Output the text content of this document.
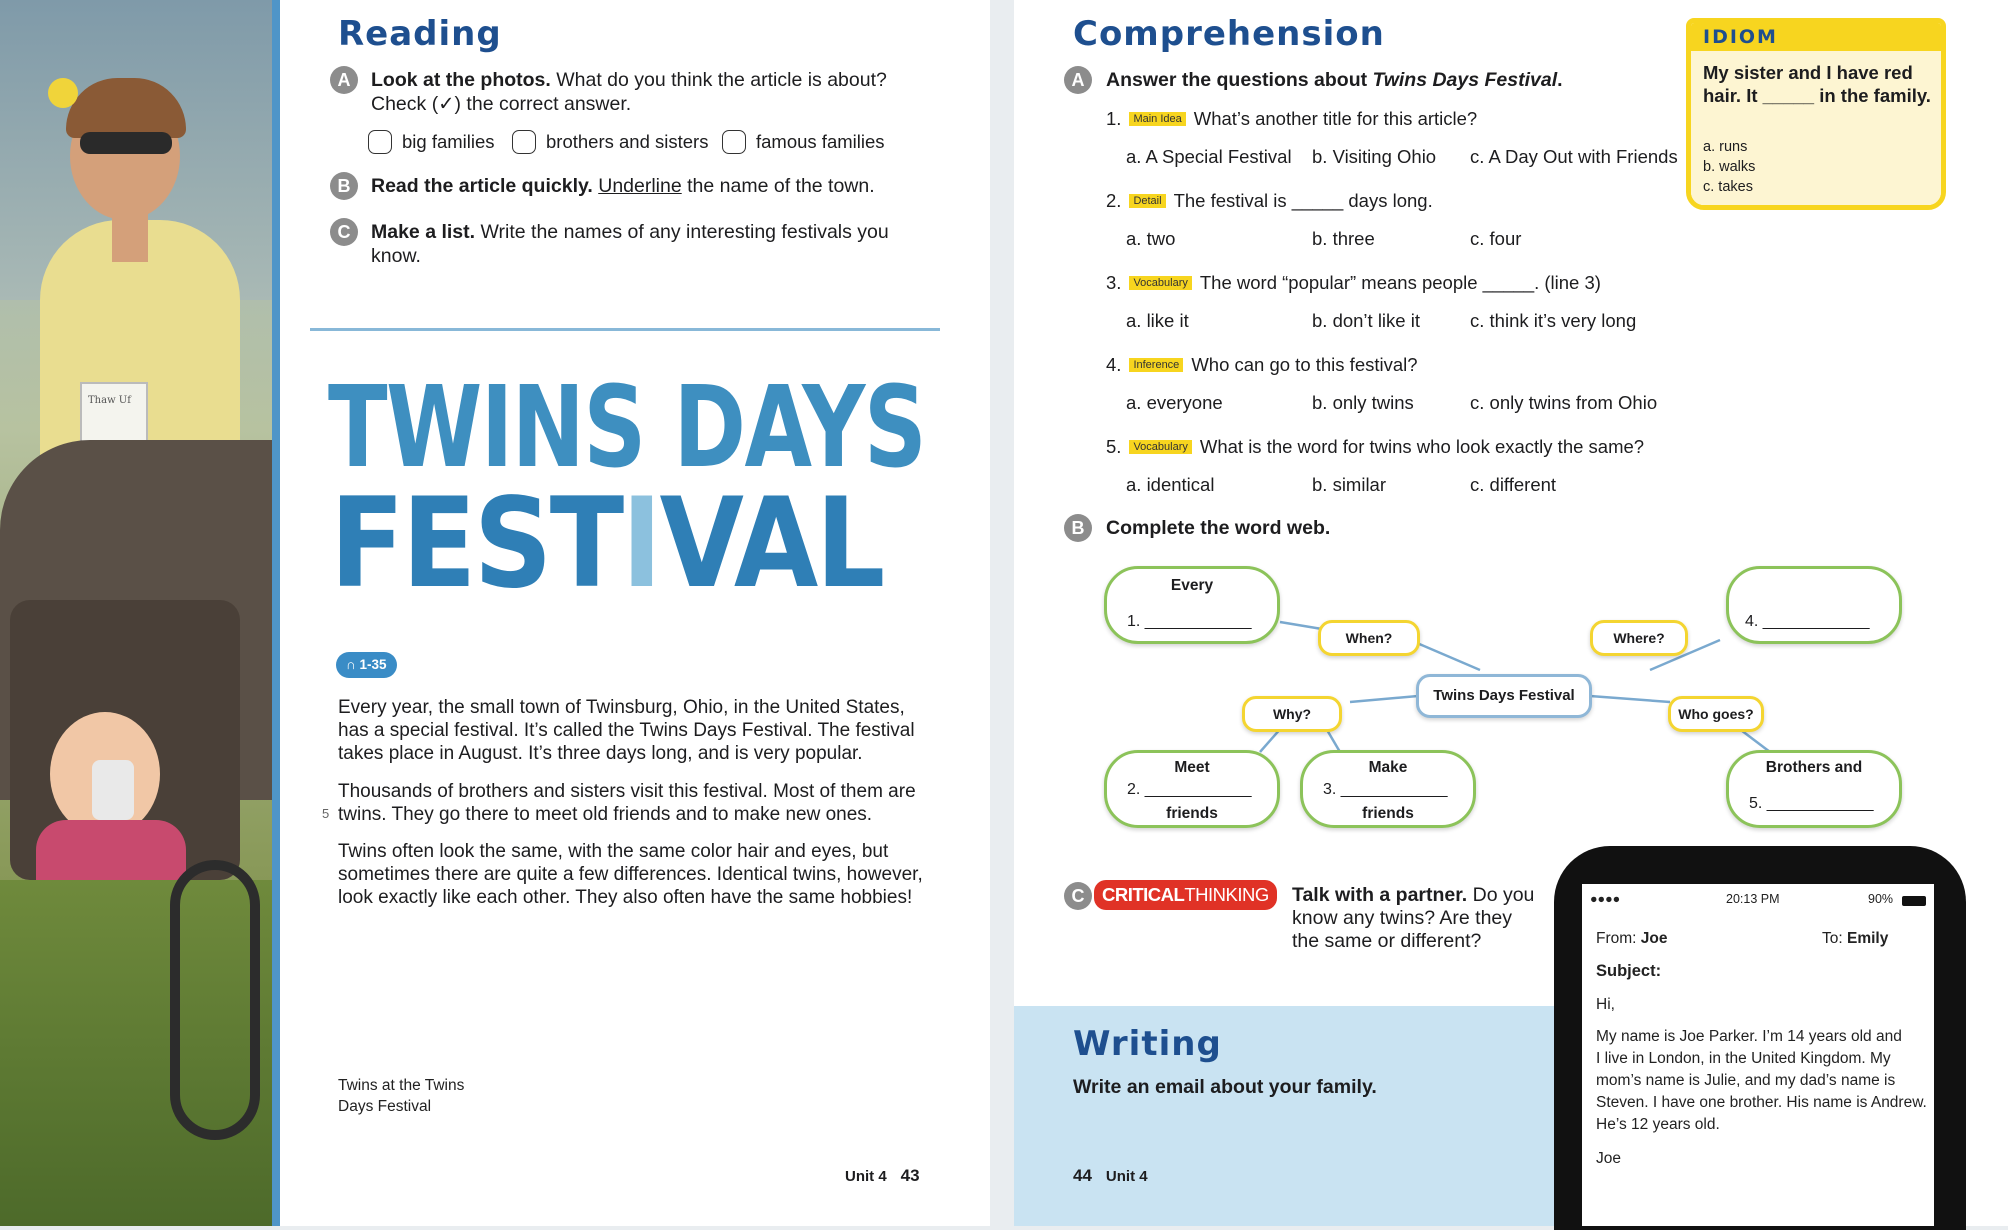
Thaw Uf
Reading
A	Look at the photos. What do you think the article is about?
Check (✓) the correct answer.
big families	brothers and sisters	famous families
B	Read the article quickly. Underline the name of the town.
C	Make a list. Write the names of any interesting festivals you
know.
TWINS DAYS
FESTIVAL
∩ 1-35
Every year, the small town of Twinsburg, Ohio, in the United States, has a special festival. It’s called the Twins Days Festival. The festival takes place in August. It’s three days long, and is very popular.
Thousands of brothers and sisters visit this festival. Most of them are twins. They go there to meet old friends and to make new ones.
5
Twins often look the same, with the same color hair and eyes, but sometimes there are quite a few differences. Identical twins, however, look exactly like each other. They also often have the same hobbies!
Twins at the Twins Days Festival
Unit 4 43
Comprehension
A	Answer the questions about Twins Days Festival.
1.	Main Idea What’s another title for this article?
a. A Special Festival b. Visiting Ohio c. A Day Out with Friends
2.	Detail The festival is _____ days long.
a. two	b. three	c. four
3.	Vocabulary The word “popular” means people _____. (line 3)
a. like it	b. don’t like it	c. think it’s very long
4.	Inference Who can go to this festival?
a. everyone	b. only twins	c. only twins from Ohio
5.	Vocabulary What is the word for twins who look exactly the same?
a. identical	b. similar	c. different
IDIOM
My sister and I have red hair. It _____ in the family.
a. runs
b. walks
c. takes
B	Complete the word web.
Every
1. ____________	4. ____________
Meet
2. ____________
friends
Make
3. ____________
friends
Brothers and
5. ____________
Twins Days Festival
When?	Where?
Why?	Who goes?
C CRITICALTHINKING	Talk with a partner. Do you
know any twins? Are they
the same or different?
Writing
Write an email about your family.
44 Unit 4
●●●●	20:13 PM	90%
From: Joe	To: Emily
Subject:
Hi,
My name is Joe Parker. I’m 14 years old and
I live in London, in the United Kingdom. My
mom’s name is Julie, and my dad’s name is
Steven. I have one brother. His name is Andrew.
He’s 12 years old.
Joe
